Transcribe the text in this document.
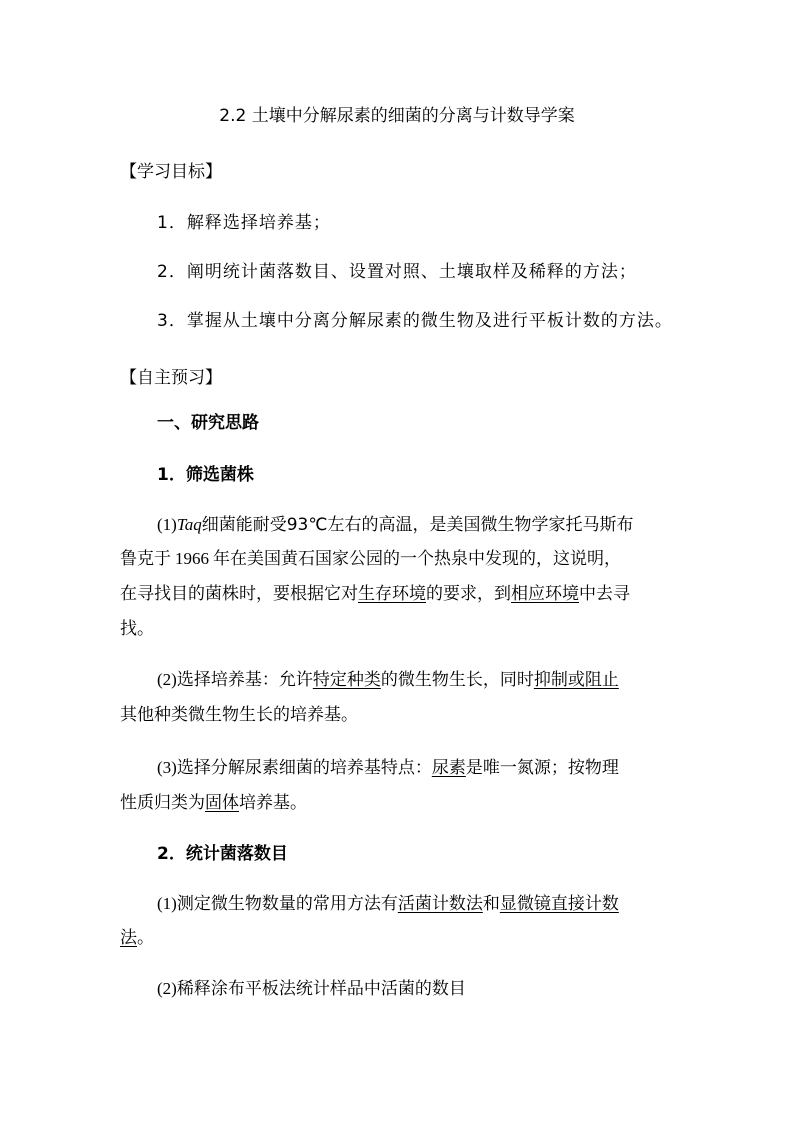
2.2 土壤中分解尿素的细菌的分离与计数导学案
【学习目标】
1．解释选择培养基；
2．阐明统计菌落数目、设置对照、土壤取样及稀释的方法；
3．掌握从土壤中分离分解尿素的微生物及进行平板计数的方法。
【自主预习】
一、研究思路
1．筛选菌株
(1)Taq细菌能耐受93℃左右的高温，是美国微生物学家托马斯布
鲁克于 1966 年在美国黄石国家公园的一个热泉中发现的，这说明，
在寻找目的菌株时，要根据它对生存环境的要求，到相应环境中去寻
找。
(2)选择培养基：允许特定种类的微生物生长，同时抑制或阻止
其他种类微生物生长的培养基。
(3)选择分解尿素细菌的培养基特点：尿素是唯一氮源；按物理
性质归类为固体培养基。
2．统计菌落数目
(1)测定微生物数量的常用方法有活菌计数法和显微镜直接计数
法。
(2)稀释涂布平板法统计样品中活菌的数目
